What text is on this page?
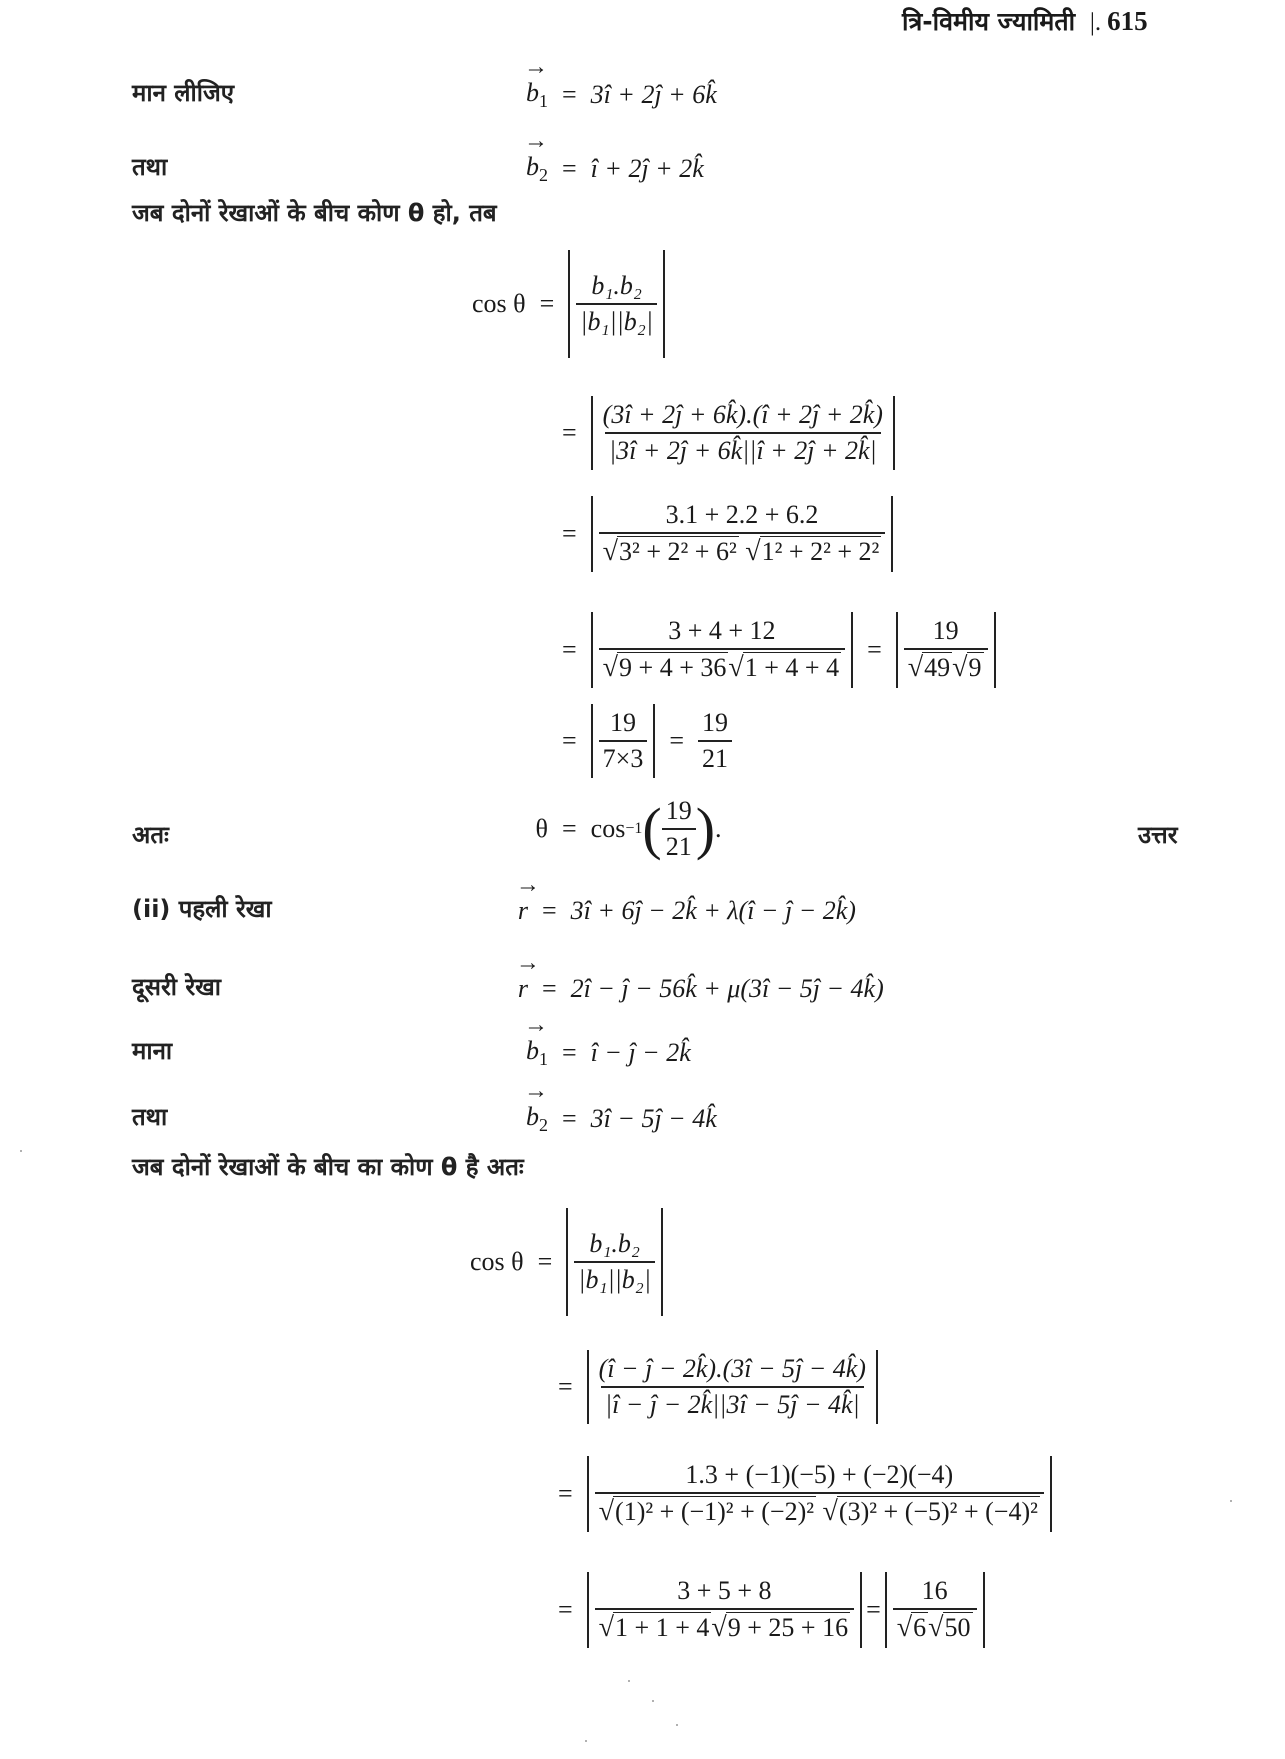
त्रि-विमीय ज्यामिती |. 615
मान लीजिए	→ $b_1$ = 3î + 2ĵ + 6k̂
तथा	→ $b_2$ = î + 2ĵ + 2k̂
जब दोनों रेखाओं के बीच कोण θ हो, तब
$\cos \theta = \frac{\text{b₁.b₂}}{\text{|b₁||b₂|}}$
= $\frac{(3î + 2ĵ + 6k̂).(î + 2ĵ + 2k̂)}{|3î + 2ĵ + 6k̂||î + 2ĵ + 2k̂|}$
= $\frac{3.1 + 2.2 + 6.2}{\text{√3² + 2² + 6² √1² + 2² + 2²}}$
= $\frac{3 + 4 + 12}{√9 + 4 + 36√1 + 4 + 4} = \frac{19}{√49√9}$
= $\frac{19}{7\times 3} = \frac{19}{21}$
अतः	θ = cos −1 ( $\frac{19}{21}$ ) .	उत्तर
(ii) पहली रेखा	→ r = 3î + 6ĵ − 2k̂ + λ(î − ĵ − 2k̂)
दूसरी रेखा	→ r = 2î − ĵ − 56k̂ + μ(3î − 5ĵ − 4k̂)
माना	→ $b_1$ = î − ĵ − 2k̂
तथा	→ $b_2$ = 3î − 5ĵ − 4k̂
जब दोनों रेखाओं के बीच का कोण θ है अतः
$\cos \theta = \frac{\text{b₁.b₂}}{\text{|b₁||b₂|}}$
= $\frac{(î - ĵ - 2k̂).(3î - 5ĵ - 4k̂)}{|î - ĵ - 2k̂||3î - 5ĵ - 4k̂|}$
= $\frac{1.3 + (-1)(-5) + (-2)(-4)}{\text{√(1)² + (−1)² + (−2)² √(3)² + (−5)² + (−4)²}}$
= $\frac{3 + 5 + 8}{√1 + 1 + 4√9 + 25 + 16} = \frac{16}{√6√50}$
